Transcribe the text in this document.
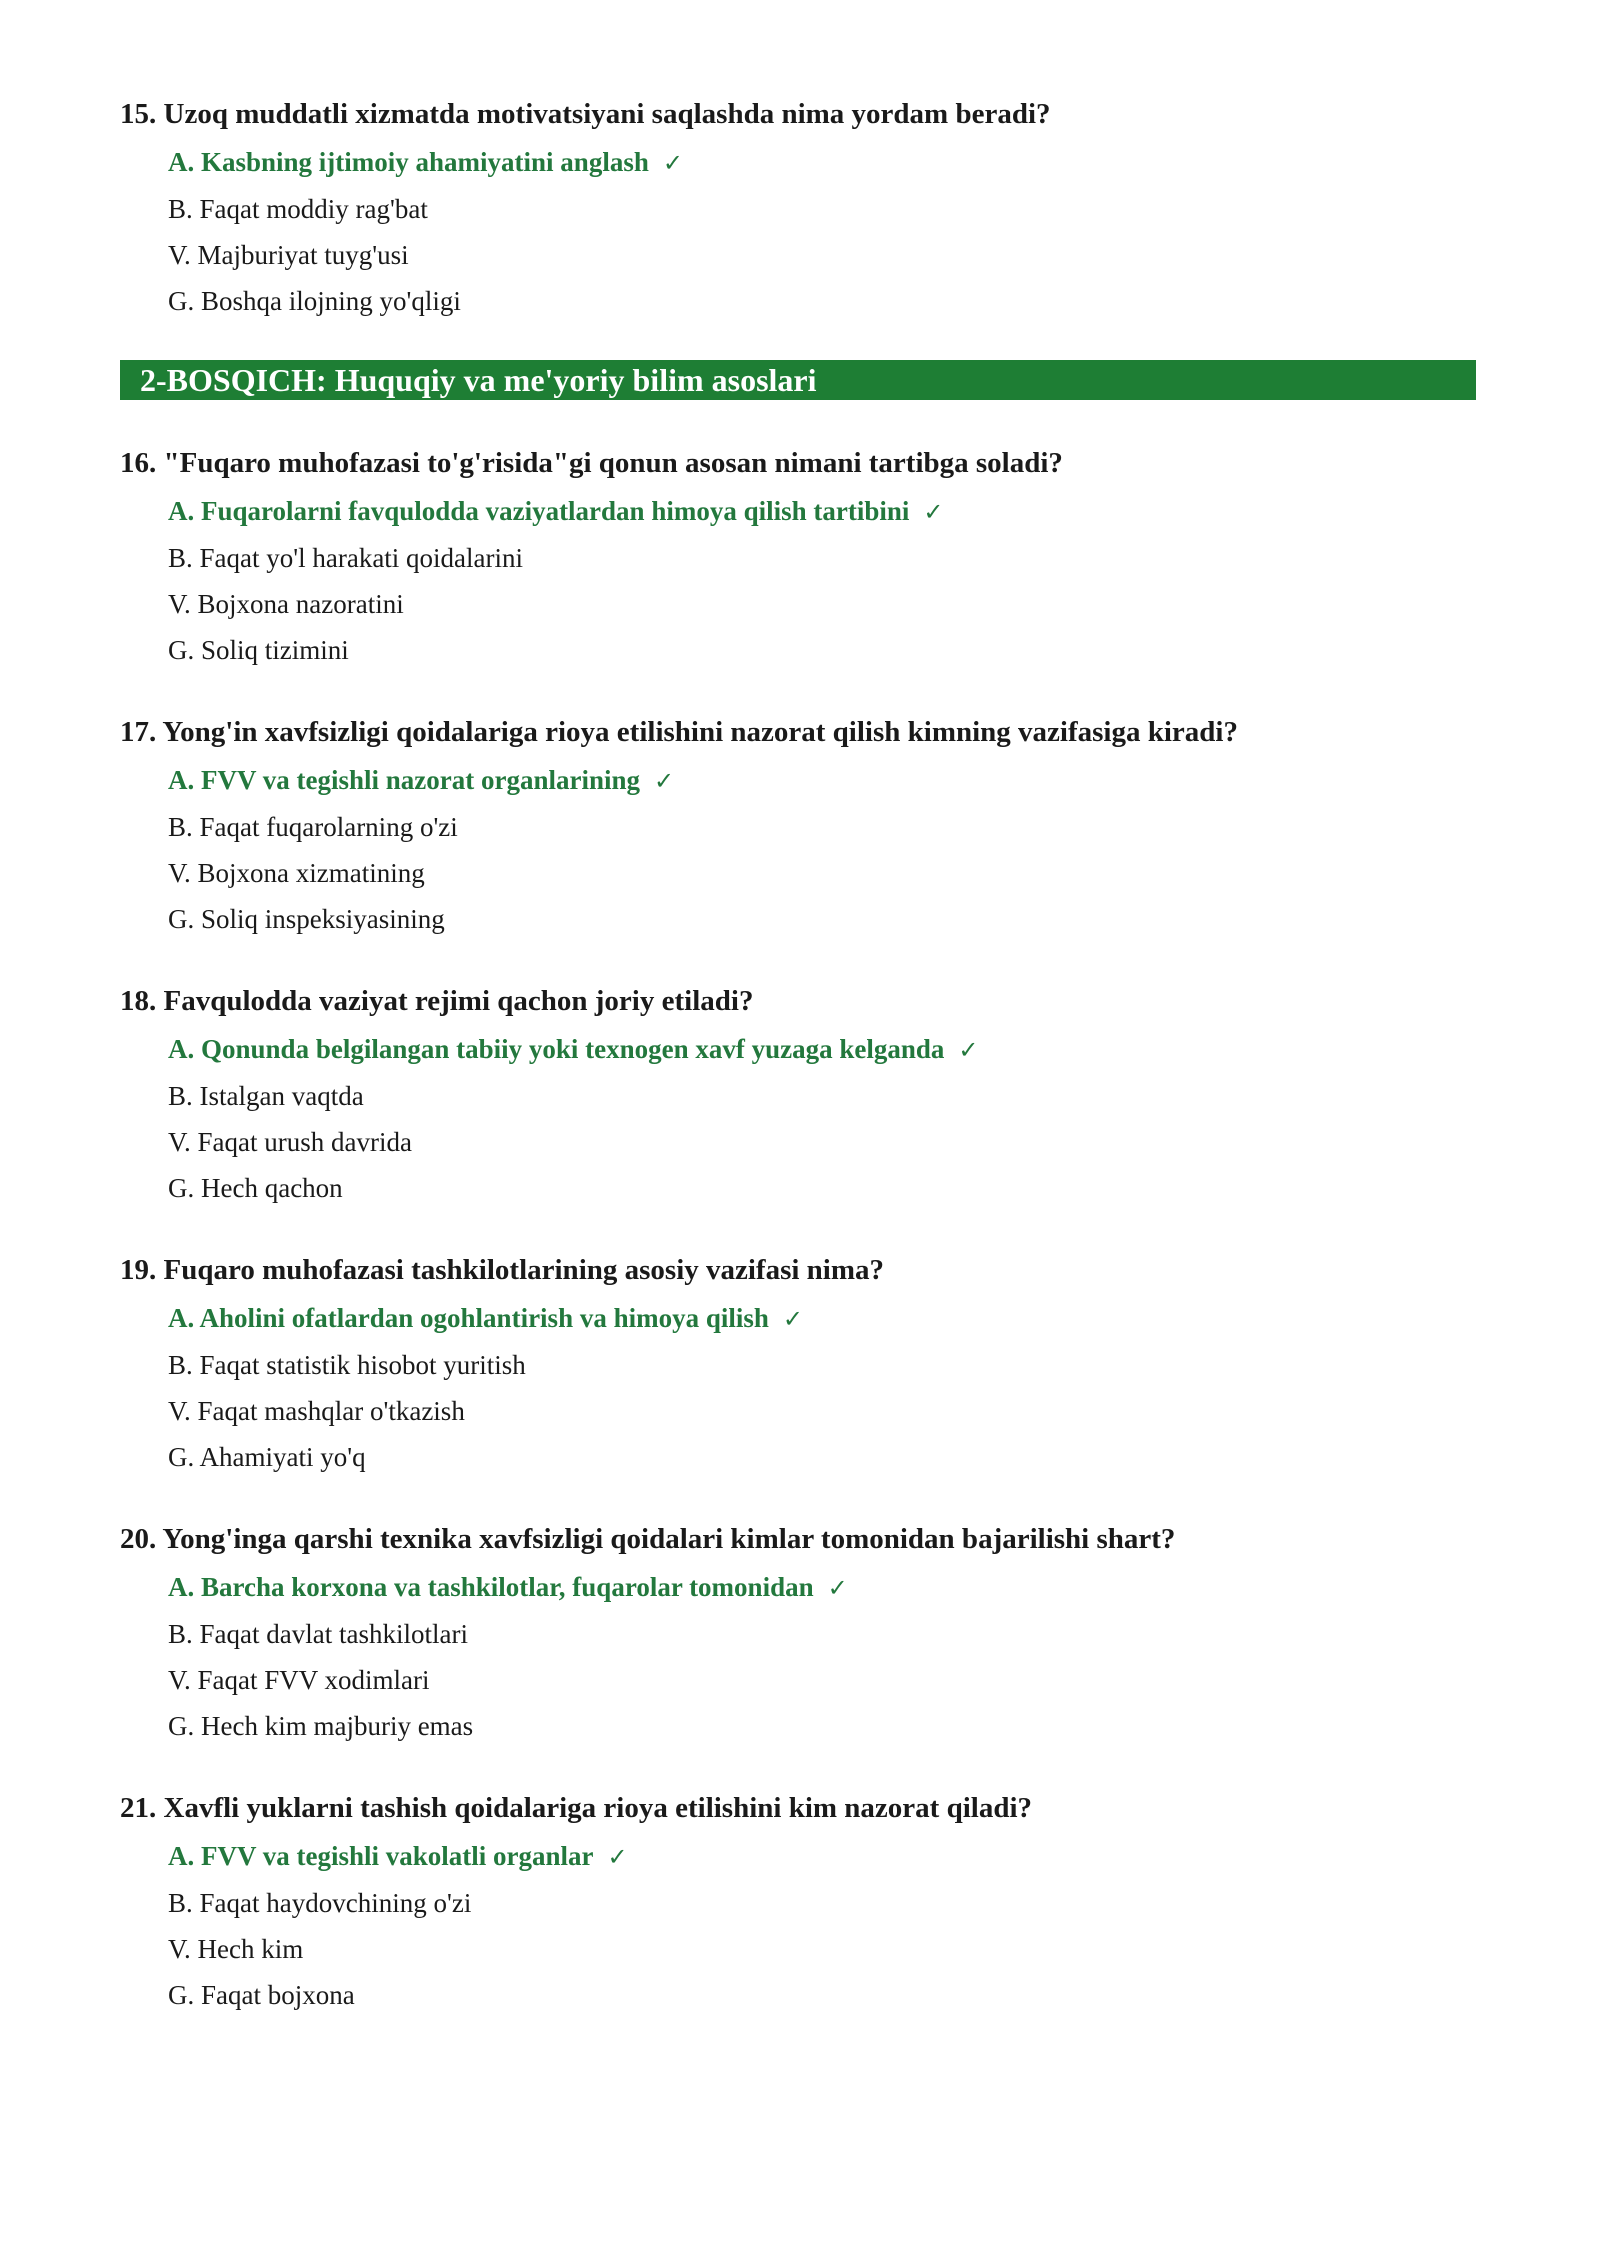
15. Uzoq muddatli xizmatda motivatsiyani saqlashda nima yordam beradi?
A. Kasbning ijtimoiy ahamiyatini anglash ✓
B. Faqat moddiy rag'bat
V. Majburiyat tuyg'usi
G. Boshqa ilojning yo'qligi
2-BOSQICH: Huquqiy va me'yoriy bilim asoslari
16. "Fuqaro muhofazasi to'g'risida"gi qonun asosan nimani tartibga soladi?
A. Fuqarolarni favqulodda vaziyatlardan himoya qilish tartibini ✓
B. Faqat yo'l harakati qoidalarini
V. Bojxona nazoratini
G. Soliq tizimini
17. Yong'in xavfsizligi qoidalariga rioya etilishini nazorat qilish kimning vazifasiga kiradi?
A. FVV va tegishli nazorat organlarining ✓
B. Faqat fuqarolarning o'zi
V. Bojxona xizmatining
G. Soliq inspeksiyasining
18. Favqulodda vaziyat rejimi qachon joriy etiladi?
A. Qonunda belgilangan tabiiy yoki texnogen xavf yuzaga kelganda ✓
B. Istalgan vaqtda
V. Faqat urush davrida
G. Hech qachon
19. Fuqaro muhofazasi tashkilotlarining asosiy vazifasi nima?
A. Aholini ofatlardan ogohlantirish va himoya qilish ✓
B. Faqat statistik hisobot yuritish
V. Faqat mashqlar o'tkazish
G. Ahamiyati yo'q
20. Yong'inga qarshi texnika xavfsizligi qoidalari kimlar tomonidan bajarilishi shart?
A. Barcha korxona va tashkilotlar, fuqarolar tomonidan ✓
B. Faqat davlat tashkilotlari
V. Faqat FVV xodimlari
G. Hech kim majburiy emas
21. Xavfli yuklarni tashish qoidalariga rioya etilishini kim nazorat qiladi?
A. FVV va tegishli vakolatli organlar ✓
B. Faqat haydovchining o'zi
V. Hech kim
G. Faqat bojxona
